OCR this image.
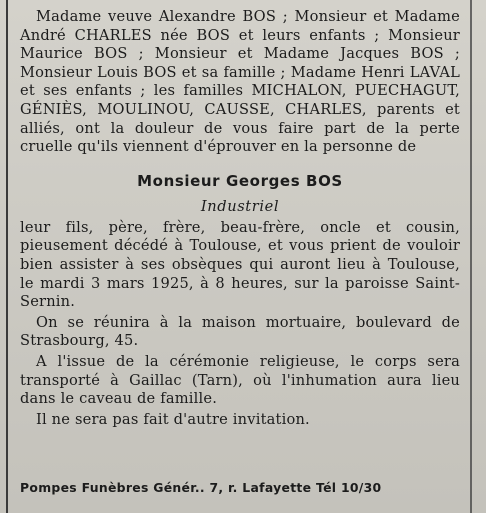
Madame veuve Alexandre BOS ; Monsieur et Madame André CHARLES née BOS et leurs enfants ; Monsieur Maurice BOS ; Monsieur et Madame Jacques BOS ; Monsieur Louis BOS et sa famille ; Madame Henri LAVAL et ses enfants ; les familles MICHALON, PUECHAGUT, GÉNIÈS, MOULINOU, CAUSSE, CHARLES, parents et alliés, ont la douleur de vous faire part de la perte cruelle qu'ils viennent d'éprouver en la personne de

Monsieur Georges BOS
Industriel

leur fils, père, frère, beau-frère, oncle et cousin, pieusement décédé à Toulouse, et vous prient de vouloir bien assister à ses obsèques qui auront lieu à Toulouse, le mardi 3 mars 1925, à 8 heures, sur la paroisse Saint-Sernin.

On se réunira à la maison mortuaire, boulevard de Strasbourg, 45.

A l'issue de la cérémonie religieuse, le corps sera transporté à Gaillac (Tarn), où l'inhumation aura lieu dans le caveau de famille.

Il ne sera pas fait d'autre invitation.

Pompes Funèbres Génér.. 7, r. Lafayette Tél 10/30
